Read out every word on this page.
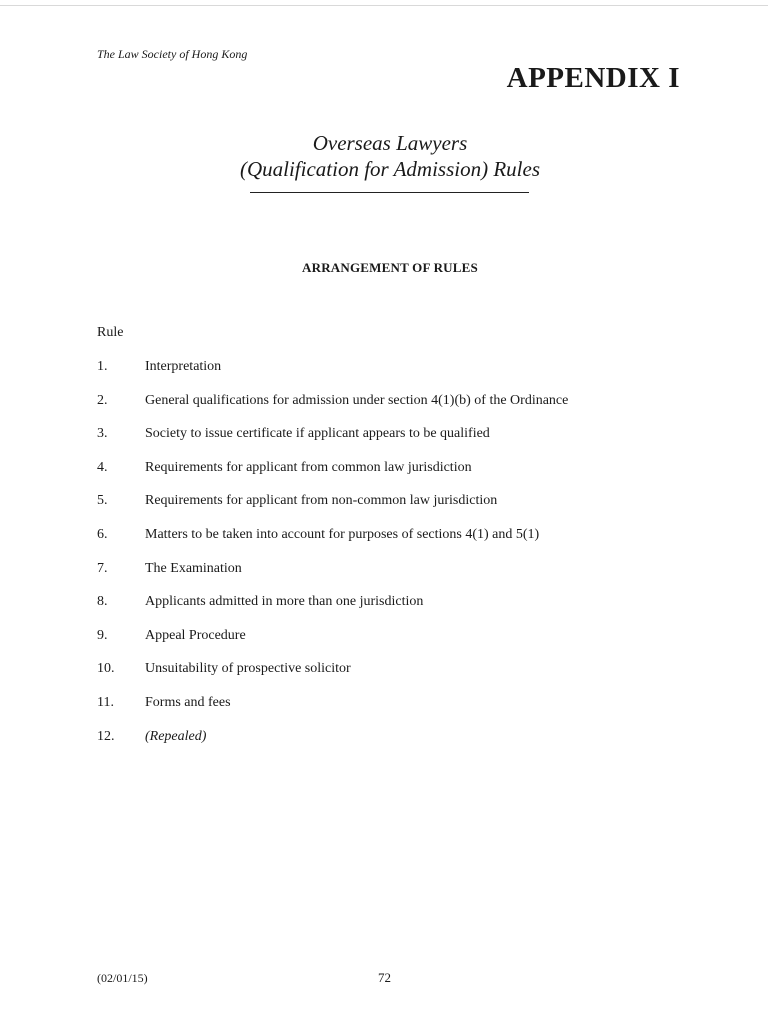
The Law Society of Hong Kong
APPENDIX I
Overseas Lawyers
(Qualification for Admission) Rules
ARRANGEMENT OF RULES
Rule
1.	Interpretation
2.	General qualifications for admission under section 4(1)(b) of the Ordinance
3.	Society to issue certificate if applicant appears to be qualified
4.	Requirements for applicant from common law jurisdiction
5.	Requirements for applicant from non-common law jurisdiction
6.	Matters to be taken into account for purposes of sections 4(1) and 5(1)
7.	The Examination
8.	Applicants admitted in more than one jurisdiction
9.	Appeal Procedure
10. Unsuitability of prospective solicitor
11. Forms and fees
12. (Repealed)
(02/01/15)	72
